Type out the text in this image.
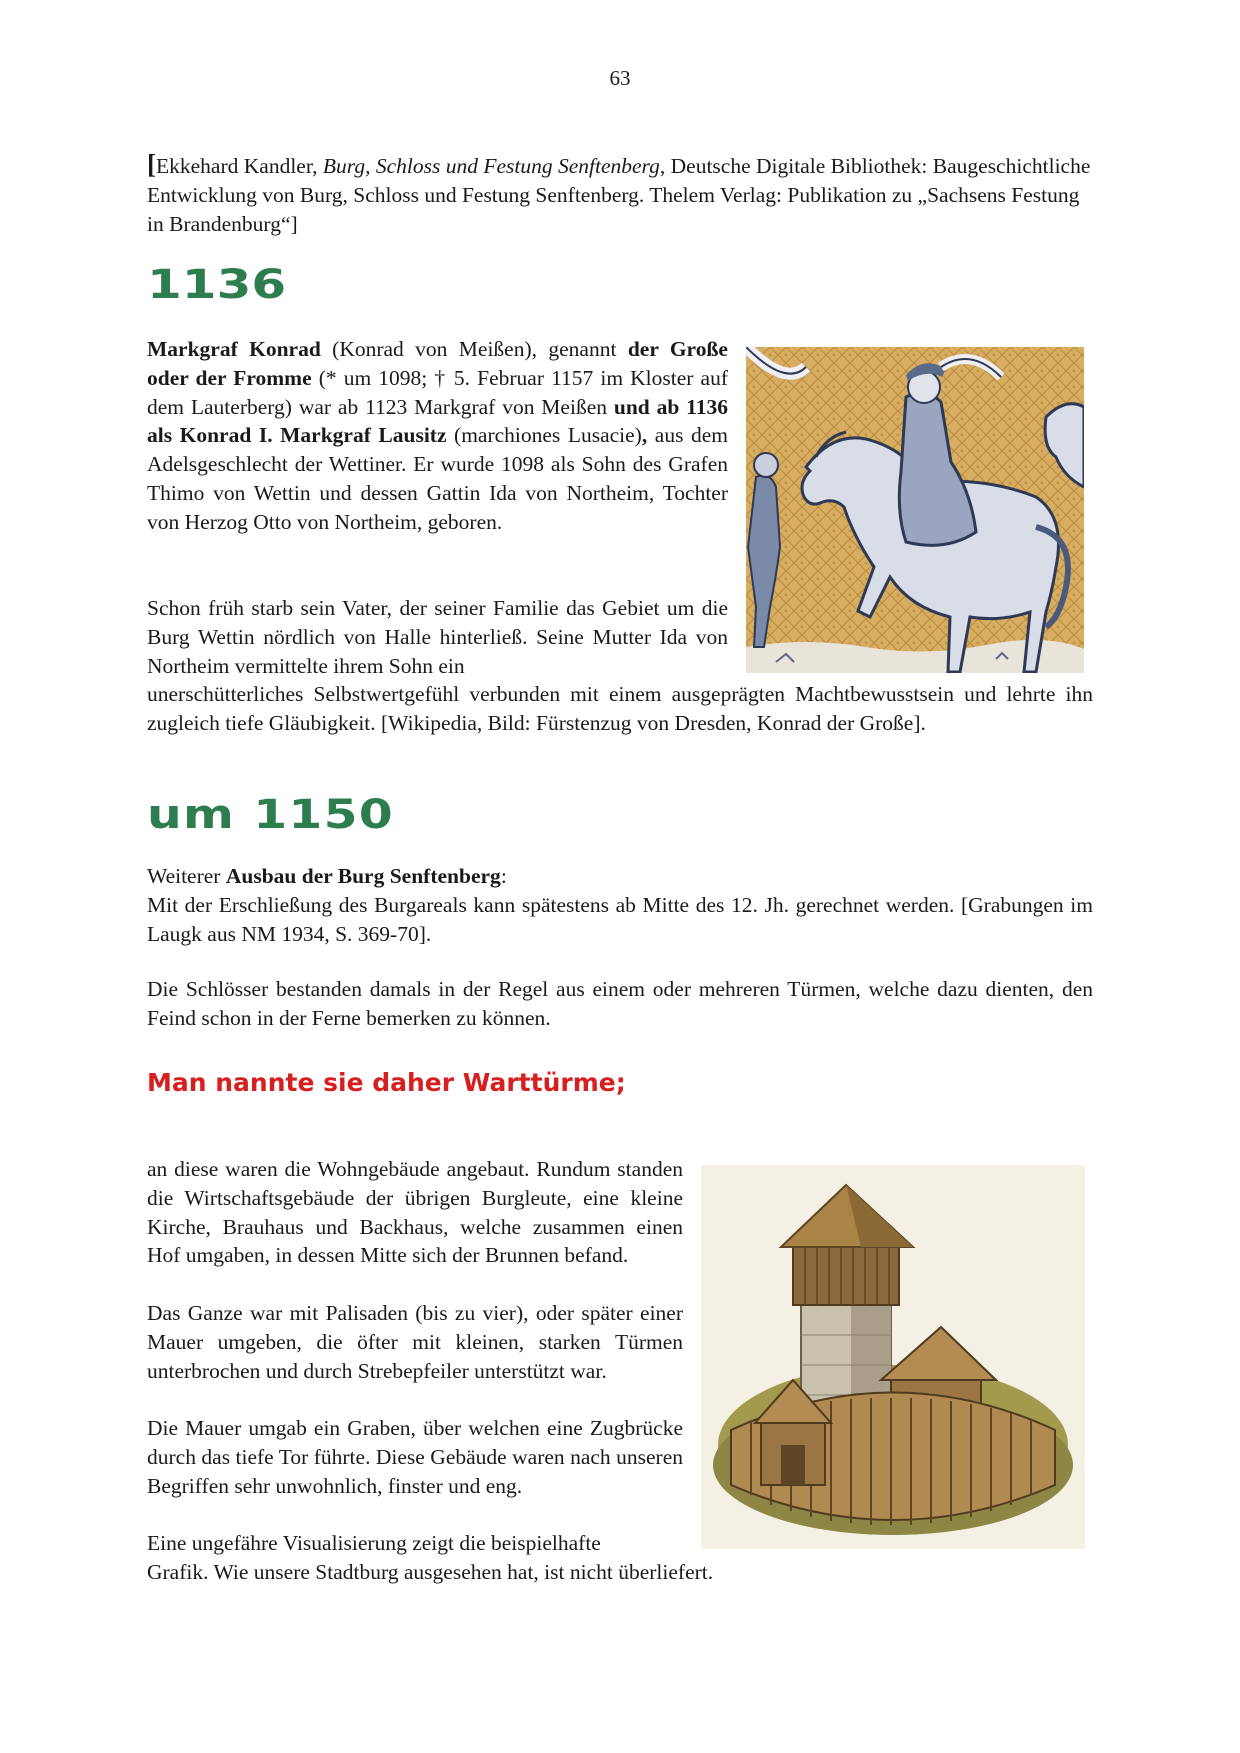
63

[Ekkehard Kandler, Burg, Schloss und Festung Senftenberg, Deutsche Digitale Bibliothek: Baugeschichtliche Entwicklung von Burg, Schloss und Festung Senftenberg. Thelem Verlag: Publikation zu „Sachsens Festung in Brandenburg“]

1136

Markgraf Konrad (Konrad von Meißen), genannt der Große oder der Fromme (* um 1098; † 5. Februar 1157 im Kloster auf dem Lauterberg) war ab 1123 Markgraf von Meißen und ab 1136 als Konrad I. Markgraf Lausitz (marchiones Lusacie), aus dem Adelsgeschlecht der Wettiner. Er wurde 1098 als Sohn des Grafen Thimo von Wettin und dessen Gattin Ida von Northeim, Tochter von Herzog Otto von Northeim, geboren.

Schon früh starb sein Vater, der seiner Familie das Gebiet um die Burg Wettin nördlich von Halle hinterließ. Seine Mutter Ida von Northeim vermittelte ihrem Sohn ein

unerschütterliches Selbstwertgefühl verbunden mit einem ausgeprägten Machtbewusstsein und lehrte ihn zugleich tiefe Gläubigkeit. [Wikipedia, Bild: Fürstenzug von Dresden, Konrad der Große].

um 1150

Weiterer Ausbau der Burg Senftenberg:

Mit der Erschließung des Burgareals kann spätestens ab Mitte des 12. Jh. gerechnet werden. [Grabungen im Laugk aus NM 1934, S. 369-70].

Die Schlösser bestanden damals in der Regel aus einem oder mehreren Türmen, welche dazu dienten, den Feind schon in der Ferne bemerken zu können.

Man nannte sie daher Warttürme;

an diese waren die Wohngebäude angebaut. Rundum standen die Wirtschaftsgebäude der übrigen Burgleute, eine kleine Kirche, Brauhaus und Backhaus, welche zusammen einen Hof umgaben, in dessen Mitte sich der Brunnen befand.

Das Ganze war mit Palisaden (bis zu vier), oder später einer Mauer umgeben, die öfter mit kleinen, starken Türmen unterbrochen und durch Strebepfeiler unterstützt war.

Die Mauer umgab ein Graben, über welchen eine Zugbrücke durch das tiefe Tor führte. Diese Gebäude waren nach unseren Begriffen sehr unwohnlich, finster und eng.

Eine ungefähre Visualisierung zeigt die beispielhafte

Grafik. Wie unsere Stadtburg ausgesehen hat, ist nicht überliefert.
